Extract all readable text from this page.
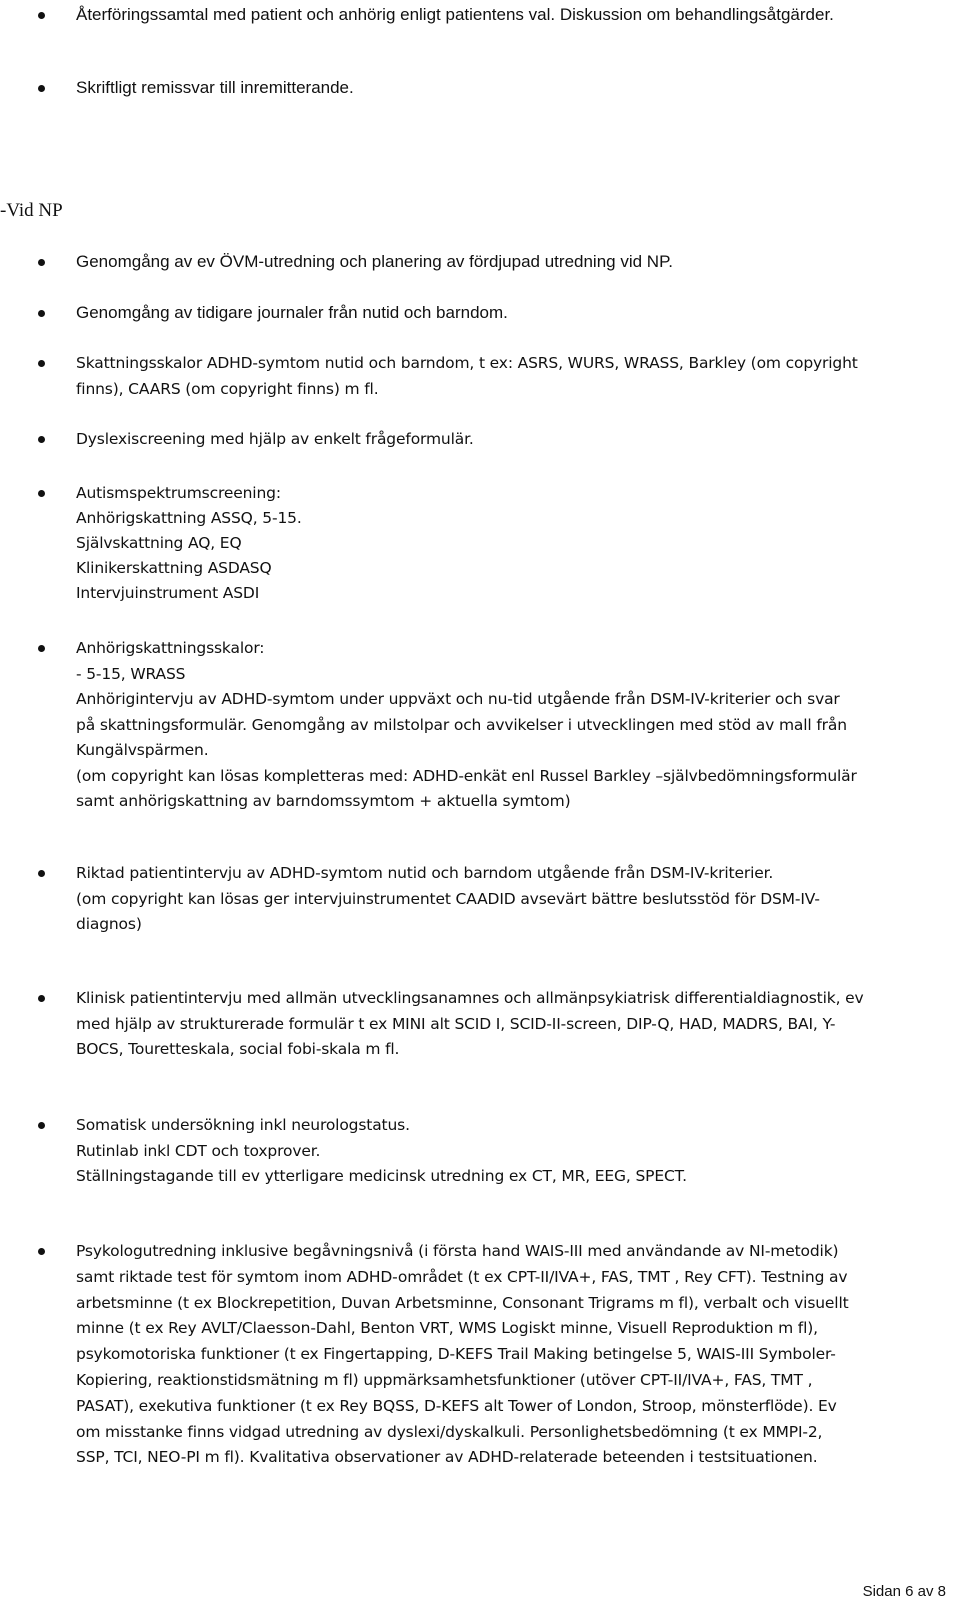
Återföringssamtal med patient och anhörig enligt patientens val. Diskussion om behandlingsåtgärder.
Skriftligt remissvar till inremitterande.
-Vid NP
Genomgång av ev ÖVM-utredning och planering av fördjupad utredning vid NP.
Genomgång av tidigare journaler från nutid och barndom.
Skattningsskalor ADHD-symtom nutid och barndom, t ex: ASRS, WURS, WRASS, Barkley (om copyright
finns), CAARS (om copyright finns) m fl.
Dyslexiscreening med hjälp av enkelt frågeformulär.
Autismspektrumscreening:
Anhörigskattning ASSQ, 5-15.
Självskattning AQ, EQ
Klinikerskattning ASDASQ
Intervjuinstrument ASDI
Anhörigskattningsskalor:
- 5-15, WRASS
Anhörigintervju av ADHD-symtom under uppväxt och nu-tid utgående från DSM-IV-kriterier och svar
på skattningsformulär. Genomgång av milstolpar och avvikelser i utvecklingen med stöd av mall från
Kungälvspärmen.
(om copyright kan lösas kompletteras med: ADHD-enkät enl Russel Barkley –självbedömningsformulär
samt anhörigskattning av barndomssymtom + aktuella symtom)
Riktad patientintervju av ADHD-symtom nutid och barndom utgående från DSM-IV-kriterier.
(om copyright kan lösas ger intervjuinstrumentet CAADID avsevärt bättre beslutsstöd för DSM-IV-
diagnos)
Klinisk patientintervju med allmän utvecklingsanamnes och allmänpsykiatrisk differentialdiagnostik, ev
med hjälp av strukturerade formulär t ex MINI alt SCID I, SCID-II-screen, DIP-Q, HAD, MADRS, BAI, Y-
BOCS, Touretteskala, social fobi-skala m fl.
Somatisk undersökning inkl neurologstatus.
Rutinlab inkl CDT och toxprover.
Ställningstagande till ev ytterligare medicinsk utredning ex CT, MR, EEG, SPECT.
Psykologutredning inklusive begåvningsnivå (i första hand WAIS-III med användande av NI-metodik)
samt riktade test för symtom inom ADHD-området (t ex CPT-II/IVA+, FAS, TMT , Rey CFT). Testning av
arbetsminne (t ex Blockrepetition, Duvan Arbetsminne, Consonant Trigrams m fl), verbalt och visuellt
minne (t ex Rey AVLT/Claesson-Dahl, Benton VRT, WMS Logiskt minne, Visuell Reproduktion m fl),
psykomotoriska funktioner (t ex Fingertapping, D-KEFS Trail Making betingelse 5, WAIS-III Symboler-
Kopiering, reaktionstidsmätning m fl) uppmärksamhetsfunktioner (utöver CPT-II/IVA+, FAS, TMT ,
PASAT), exekutiva funktioner (t ex Rey BQSS, D-KEFS alt Tower of London, Stroop, mönsterflöde). Ev
om misstanke finns vidgad utredning av dyslexi/dyskalkuli. Personlighetsbedömning (t ex MMPI-2,
SSP, TCI, NEO-PI m fl). Kvalitativa observationer av ADHD-relaterade beteenden i testsituationen.
Sidan 6 av 8
